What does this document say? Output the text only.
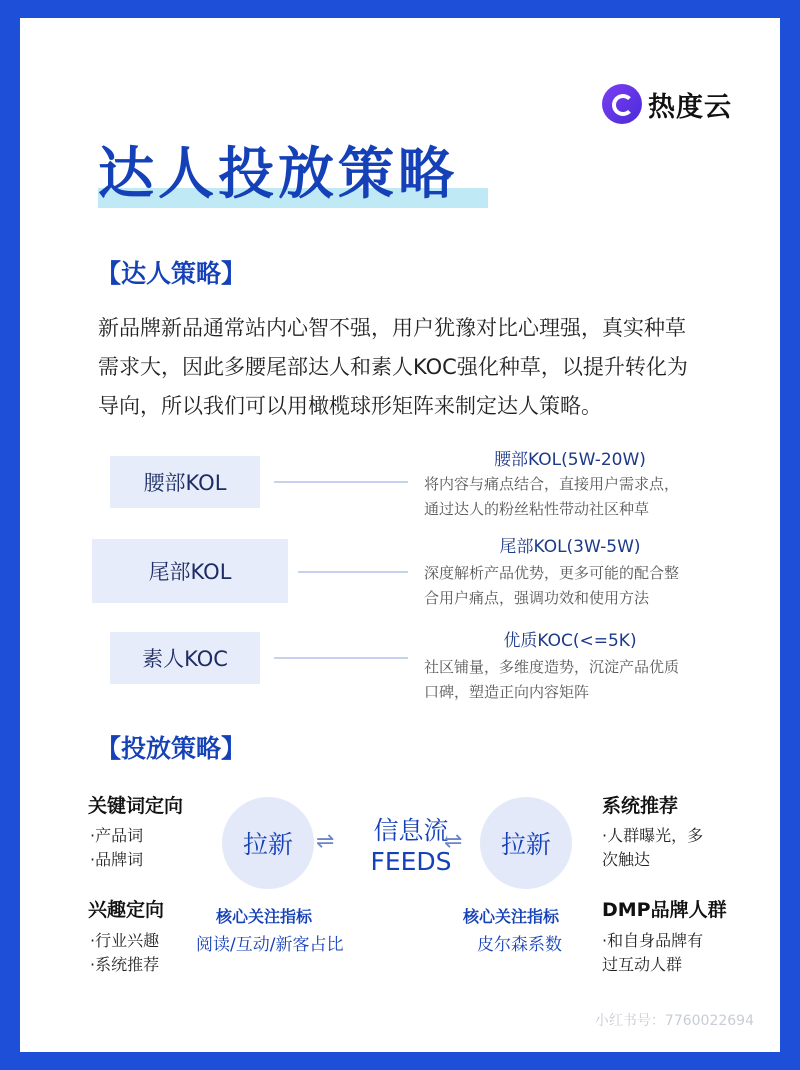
热度云
达人投放策略
【达人策略】
新品牌新品通常站内心智不强，用户犹豫对比心理强，真实种草
需求大，因此多腰尾部达人和素人KOC强化种草，以提升转化为
导向，所以我们可以用橄榄球形矩阵来制定达人策略。
腰部KOL
腰部KOL(5W-20W)
将内容与痛点结合，直接用户需求点，
通过达人的粉丝粘性带动社区种草
尾部KOL
尾部KOL(3W-5W)
深度解析产品优势，更多可能的配合整
合用户痛点，强调功效和使用方法
素人KOC
优质KOC(<=5K)
社区铺量，多维度造势，沉淀产品优质
口碑，塑造正向内容矩阵
【投放策略】
关键词定向
·产品词
·品牌词
兴趣定向
·行业兴趣
·系统推荐
拉新	⇌	信息流
FEEDS
⇌	拉新
核心关注指标
阅读/互动/新客占比
核心关注指标
皮尔森系数
系统推荐
·人群曝光，多
次触达
DMP品牌人群
·和自身品牌有
过互动人群
小红书号：7760022694
